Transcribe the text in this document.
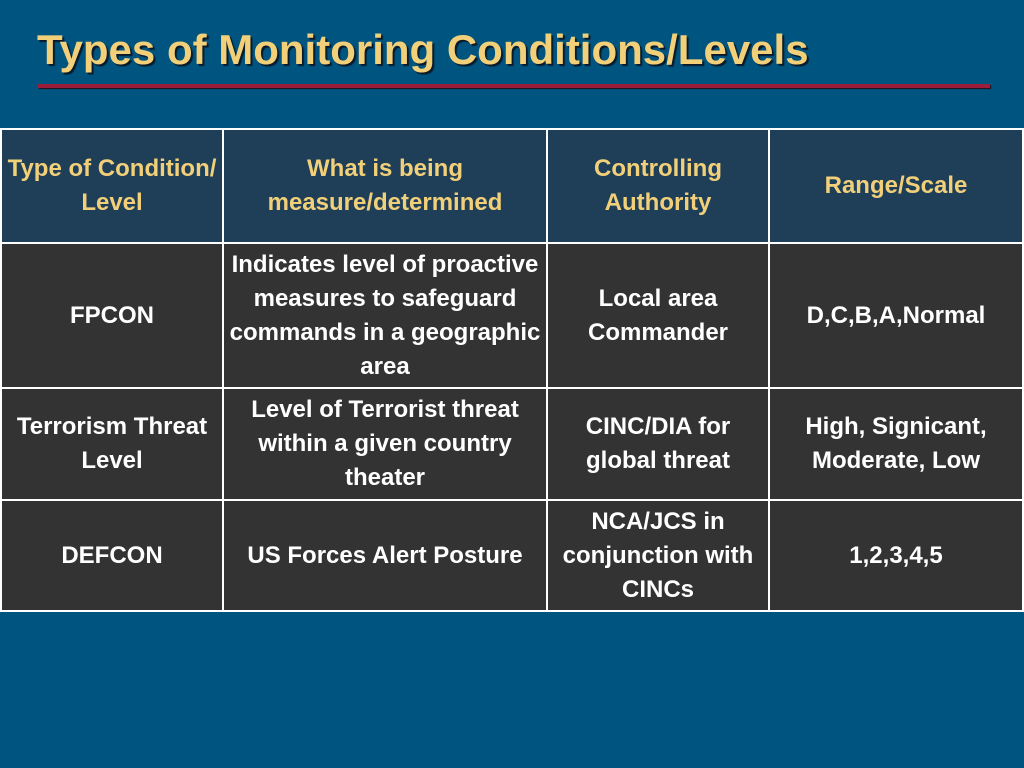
Types of Monitoring Conditions/Levels
Type of Condition/ Level	What is being measure/determined	Controlling Authority	Range/Scale
FPCON	Indicates level of proactive measures to safeguard commands in a geographic area	Local area Commander	D,C,B,A,Normal
Terrorism Threat Level	Level of Terrorist threat within a given country theater	CINC/DIA for global threat	High, Signicant, Moderate, Low
DEFCON	US Forces Alert Posture	NCA/JCS in conjunction with CINCs	1,2,3,4,5
